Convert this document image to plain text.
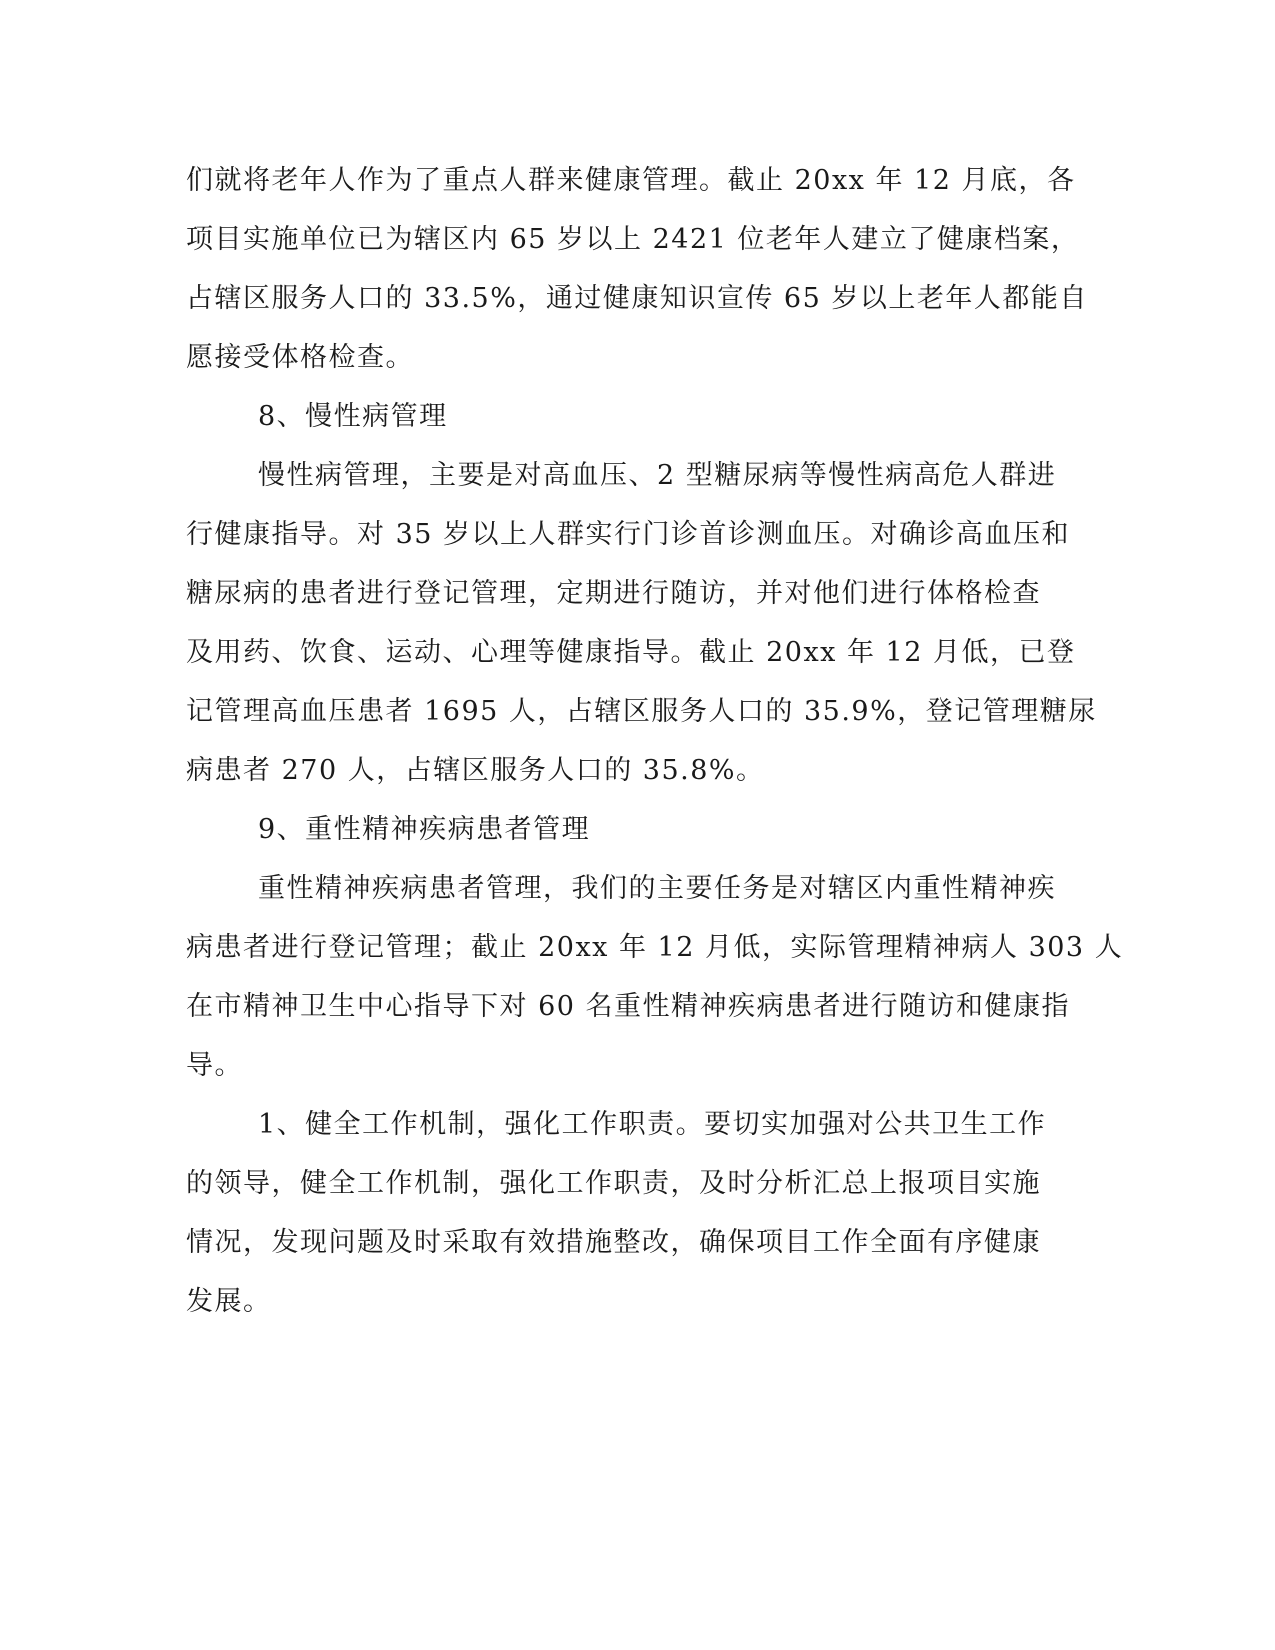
们就将老年人作为了重点人群来健康管理。截止 20xx 年 12 月底，各
项目实施单位已为辖区内 65 岁以上 2421 位老年人建立了健康档案，
占辖区服务人口的 33.5%，通过健康知识宣传 65 岁以上老年人都能自
愿接受体格检查。
8、慢性病管理
慢性病管理，主要是对高血压、2 型糖尿病等慢性病高危人群进
行健康指导。对 35 岁以上人群实行门诊首诊测血压。对确诊高血压和
糖尿病的患者进行登记管理，定期进行随访，并对他们进行体格检查
及用药、饮食、运动、心理等健康指导。截止 20xx 年 12 月低，已登
记管理高血压患者 1695 人，占辖区服务人口的 35.9%，登记管理糖尿
病患者 270 人，占辖区服务人口的 35.8%。
9、重性精神疾病患者管理
重性精神疾病患者管理，我们的主要任务是对辖区内重性精神疾
病患者进行登记管理；截止 20xx 年 12 月低，实际管理精神病人 303 人
在市精神卫生中心指导下对 60 名重性精神疾病患者进行随访和健康指
导。
1、健全工作机制，强化工作职责。要切实加强对公共卫生工作
的领导，健全工作机制，强化工作职责，及时分析汇总上报项目实施
情况，发现问题及时采取有效措施整改，确保项目工作全面有序健康
发展。
